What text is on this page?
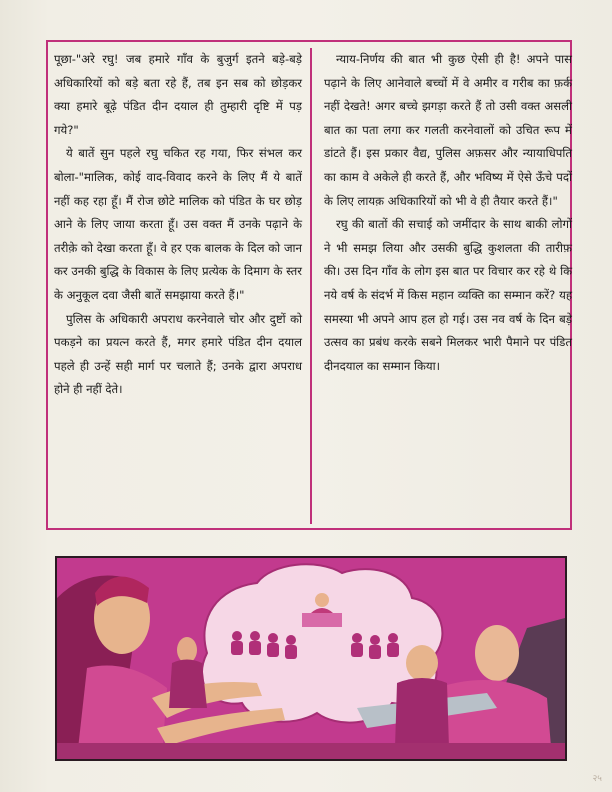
पूछा-"अरे रघु! जब हमारे गाँव के बुजुर्ग इतने बड़े-बड़े अधिकारियों को बड़े बता रहे हैं, तब इन सब को छोड़कर क्या हमारे बूढ़े पंडित दीन दयाल ही तुम्हारी दृष्टि में पड़ गये?"

ये बातें सुन पहले रघु चकित रह गया, फिर संभल कर बोला-"मालिक, कोई वाद-विवाद करने के लिए मैं ये बातें नहीं कह रहा हूँ। मैं रोज छोटे मालिक को पंडित के घर छोड़ आने के लिए जाया करता हूँ। उस वक्त मैं उनके पढ़ाने के तरीक़े को देखा करता हूँ। वे हर एक बालक के दिल को जान कर उनकी बुद्धि के विकास के लिए प्रत्येक के दिमाग के स्तर के अनुकूल दवा जैसी बातें समझाया करते हैं।"

पुलिस के अधिकारी अपराध करनेवाले चोर और दुष्टों को पकड़ने का प्रयत्न करते हैं, मगर हमारे पंडित दीन दयाल पहले ही उन्हें सही मार्ग पर चलाते हैं; उनके द्वारा अपराध होने ही नहीं देते।

न्याय-निर्णय की बात भी कुछ ऐसी ही है! अपने पास पढ़ाने के लिए आनेवाले बच्चों में वे अमीर व गरीब का फ़र्क नहीं देखते! अगर बच्चे झगड़ा करते हैं तो उसी वक्त असली बात का पता लगा कर गलती करनेवालों को उचित रूप में डांटते हैं। इस प्रकार वैद्य, पुलिस अफ़सर और न्यायाधिपति का काम वे अकेले ही करते हैं, और भविष्य में ऐसे ऊँचे पदों के लिए लायक़ अधिकारियों को भी वे ही तैयार करते हैं।"

रघु की बातों की सचाई को जमींदार के साथ बाकी लोगों ने भी समझ लिया और उसकी बुद्धि कुशलता की तारीफ़ की। उस दिन गाँव के लोग इस बात पर विचार कर रहे थे कि नये वर्ष के संदर्भ में किस महान व्यक्ति का सम्मान करें? यह समस्या भी अपने आप हल हो गई। उस नव वर्ष के दिन बड़े उत्सव का प्रबंध करके सबने मिलकर भारी पैमाने पर पंडित दीनदयाल का सम्मान किया।

२५
